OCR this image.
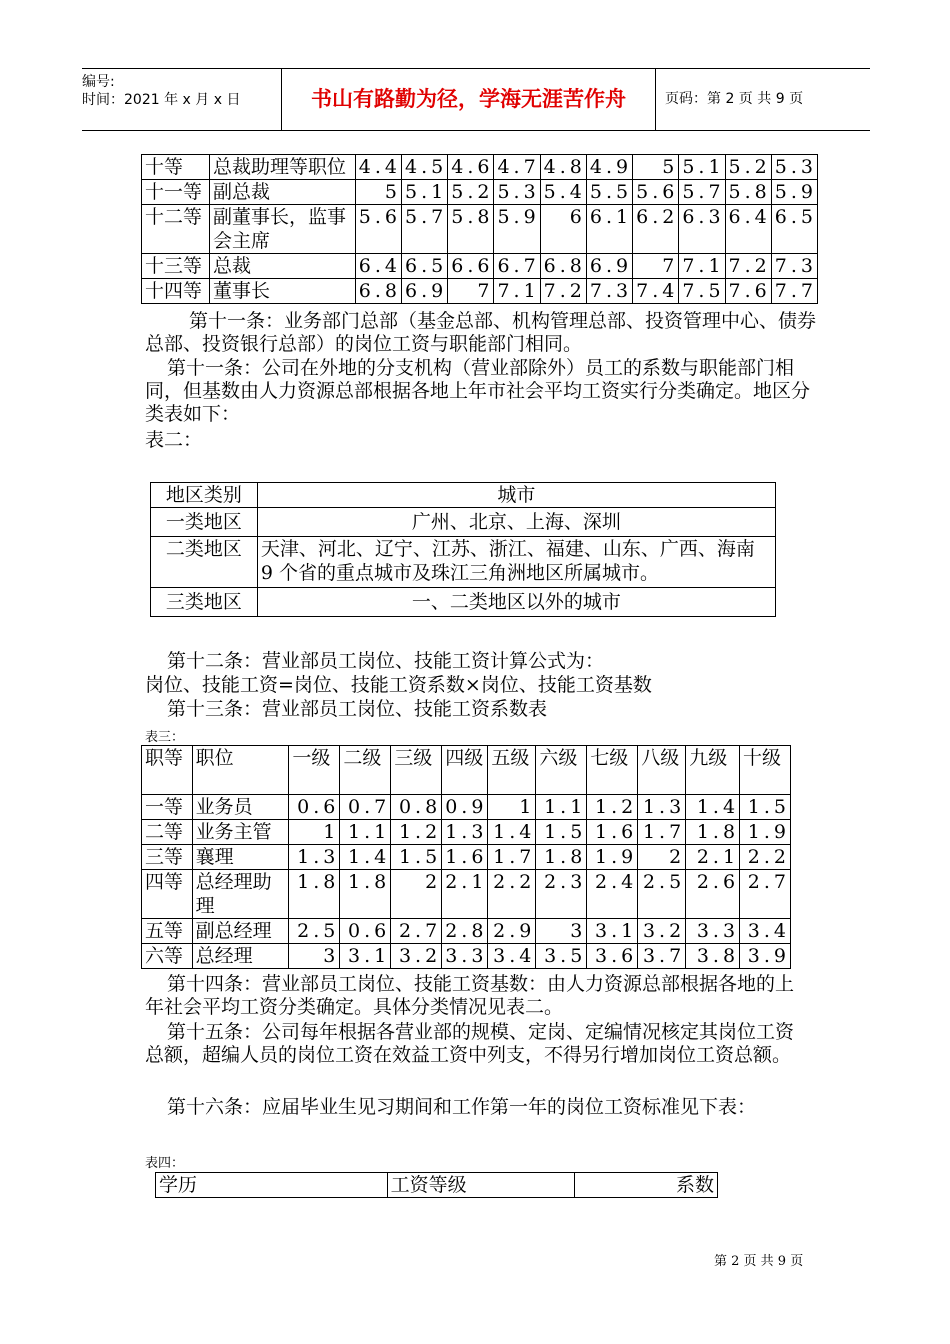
编号:
时间：2021 年 x 月 x 日	书山有路勤为径，学海无涯苦作舟	页码：第 2 页 共 9 页
十等	总裁助理等职位	4.4	4.5	4.6	4.7	4.8	4.9	5	5.1	5.2	5.3
十一等	副总裁	5	5.1	5.2	5.3	5.4	5.5	5.6	5.7	5.8	5.9
十二等	副董事长，监事会主席	5.6	5.7	5.8	5.9	6	6.1	6.2	6.3	6.4	6.5
十三等	总裁	6.4	6.5	6.6	6.7	6.8	6.9	7	7.1	7.2	7.3
十四等	董事长	6.8	6.9	7	7.1	7.2	7.3	7.4	7.5	7.6	7.7
第十一条：业务部门总部（基金总部、机构管理总部、投资管理中心、债券总部、投资银行总部）的岗位工资与职能部门相同。
第十一条：公司在外地的分支机构（营业部除外）员工的系数与职能部门相同，但基数由人力资源总部根据各地上年市社会平均工资实行分类确定。地区分类表如下：
表二：
地区类别	城市
一类地区	广州、北京、上海、深圳
二类地区	天津、河北、辽宁、江苏、浙江、福建、山东、广西、海南 9 个省的重点城市及珠江三角洲地区所属城市。
三类地区	一、二类地区以外的城市
第十二条：营业部员工岗位、技能工资计算公式为：
岗位、技能工资=岗位、技能工资系数×岗位、技能工资基数
第十三条：营业部员工岗位、技能工资系数表
表三：
职等	职位	一级	二级	三级	四级	五级	六级	七级	八级	九级	十级
一等	业务员	0.6	0.7	0.8	0.9	1	1.1	1.2	1.3	1.4	1.5
二等	业务主管	1	1.1	1.2	1.3	1.4	1.5	1.6	1.7	1.8	1.9
三等	襄理	1.3	1.4	1.5	1.6	1.7	1.8	1.9	2	2.1	2.2
四等	总经理助理	1.8	1.8	2	2.1	2.2	2.3	2.4	2.5	2.6	2.7
五等	副总经理	2.5	0.6	2.7	2.8	2.9	3	3.1	3.2	3.3	3.4
六等	总经理	3	3.1	3.2	3.3	3.4	3.5	3.6	3.7	3.8	3.9
第十四条：营业部员工岗位、技能工资基数：由人力资源总部根据各地的上年社会平均工资分类确定。具体分类情况见表二。
第十五条：公司每年根据各营业部的规模、定岗、定编情况核定其岗位工资总额，超编人员的岗位工资在效益工资中列支，不得另行增加岗位工资总额。
第十六条：应届毕业生见习期间和工作第一年的岗位工资标准见下表：
表四：
学历	工资等级	系数
第 2 页 共 9 页
